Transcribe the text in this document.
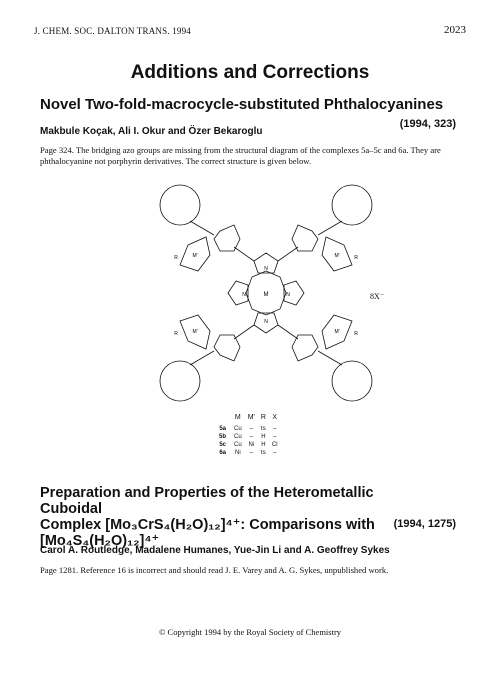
J. CHEM. SOC. DALTON TRANS. 1994	2023
Additions and Corrections
Novel Two-fold-macrocycle-substituted Phthalocyanines
(1994, 323)
Makbule Koçak, Ali I. Okur and Özer Bekaroglu
Page 324. The bridging azo groups are missing from the structural diagram of the complexes 5a–5c and 6a. They are phthalocyanine not porphyrin derivatives. The correct structure is given below.
M
N
N
N	N
M'	M'
M'	M'
R	R
R	R
8X⁻
	M	M'	R	X
5a	Cu	–	ts	–
5b	Cu	–	H	–
5c	Cu	Ni	H	Cl
6a	Ni	–	ts	–
Preparation and Properties of the Heterometallic Cuboidal
Complex [Mo₃CrS₄(H₂O)₁₂]⁴⁺: Comparisons with
[Mo₄S₄(H₂O)₁₂]⁴⁺
(1994, 1275)
Carol A. Routledge, Madalene Humanes, Yue-Jin Li and A. Geoffrey Sykes
Page 1281. Reference 16 is incorrect and should read J. E. Varey and A. G. Sykes, unpublished work.
© Copyright 1994 by the Royal Society of Chemistry
